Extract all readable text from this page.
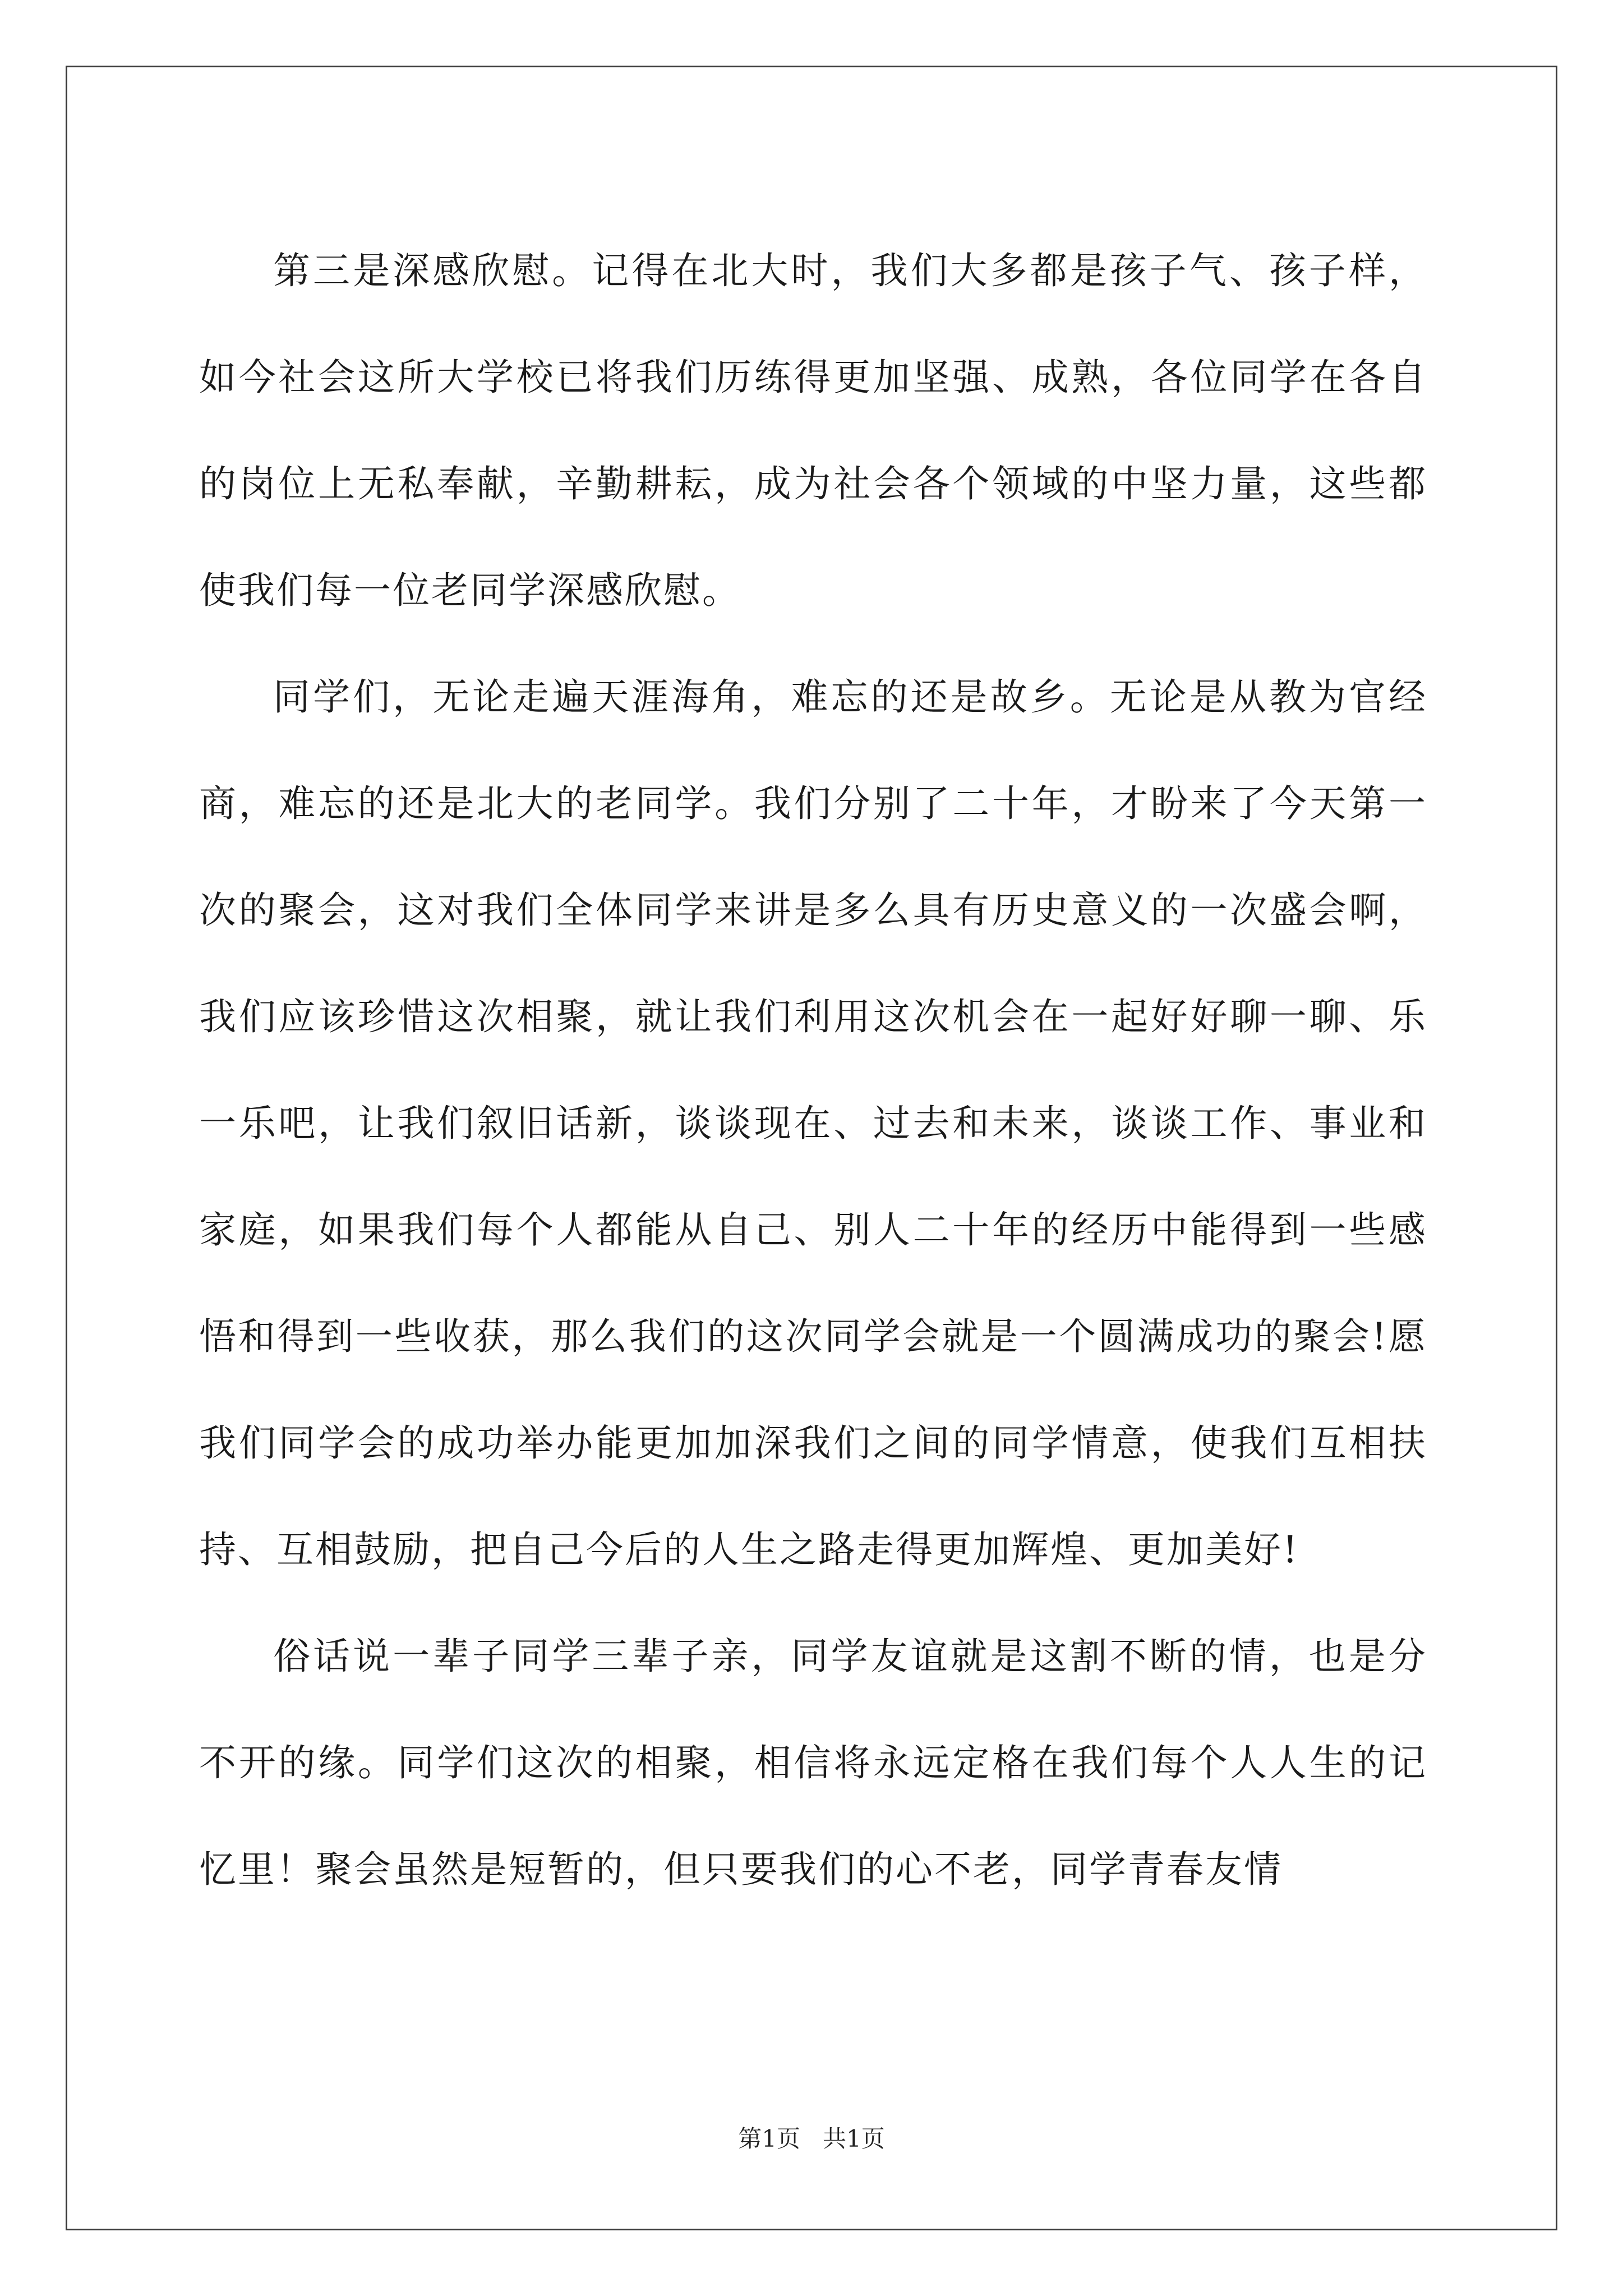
第三是深感欣慰。记得在北大时，我们大多都是孩子气、孩子样，如今社会这所大学校已将我们历练得更加坚强、成熟，各位同学在各自的岗位上无私奉献，辛勤耕耘，成为社会各个领域的中坚力量，这些都使我们每一位老同学深感欣慰。

同学们，无论走遍天涯海角，难忘的还是故乡。无论是从教为官经商，难忘的还是北大的老同学。我们分别了二十年，才盼来了今天第一次的聚会，这对我们全体同学来讲是多么具有历史意义的一次盛会啊，我们应该珍惜这次相聚，就让我们利用这次机会在一起好好聊一聊、乐一乐吧，让我们叙旧话新，谈谈现在、过去和未来，谈谈工作、事业和家庭，如果我们每个人都能从自己、别人二十年的经历中能得到一些感悟和得到一些收获，那么我们的这次同学会就是一个圆满成功的聚会!愿我们同学会的成功举办能更加加深我们之间的同学情意，使我们互相扶持、互相鼓励，把自己今后的人生之路走得更加辉煌、更加美好!

俗话说一辈子同学三辈子亲，同学友谊就是这割不断的情，也是分不开的缘。同学们这次的相聚，相信将永远定格在我们每个人人生的记忆里！聚会虽然是短暂的，但只要我们的心不老，同学青春友情

第1页   共1页
